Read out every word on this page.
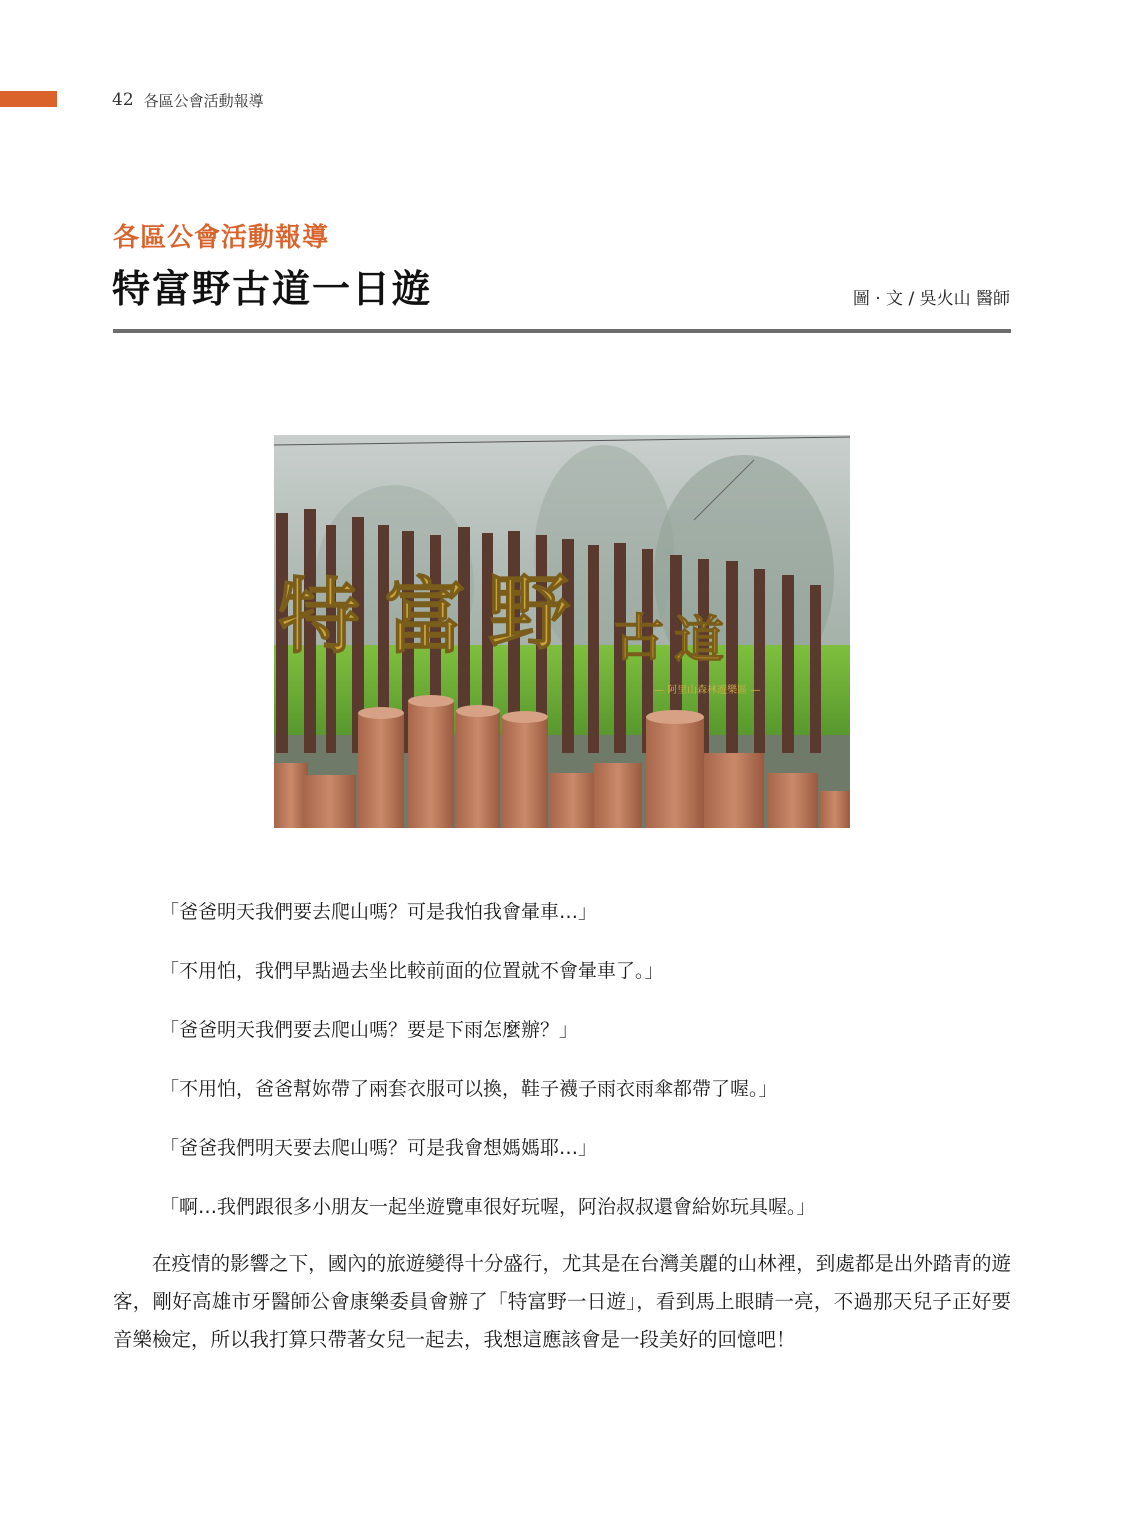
42 各區公會活動報導
各區公會活動報導
特富野古道一日遊	圖 · 文 / 吳火山 醫師
特 富 野 古 道
— 阿里山森林遊樂區 —

「爸爸明天我們要去爬山嗎？可是我怕我會暈車…」

「不用怕，我們早點過去坐比較前面的位置就不會暈車了。」

「爸爸明天我們要去爬山嗎？要是下雨怎麼辦？」

「不用怕，爸爸幫妳帶了兩套衣服可以換，鞋子襪子雨衣雨傘都帶了喔。」

「爸爸我們明天要去爬山嗎？可是我會想媽媽耶…」

「啊…我們跟很多小朋友一起坐遊覽車很好玩喔，阿治叔叔還會給妳玩具喔。」

在疫情的影響之下，國內的旅遊變得十分盛行，尤其是在台灣美麗的山林裡，到處都是出外踏青的遊客，剛好高雄市牙醫師公會康樂委員會辦了「特富野一日遊」，看到馬上眼睛一亮，不過那天兒子正好要音樂檢定，所以我打算只帶著女兒一起去，我想這應該會是一段美好的回憶吧！
